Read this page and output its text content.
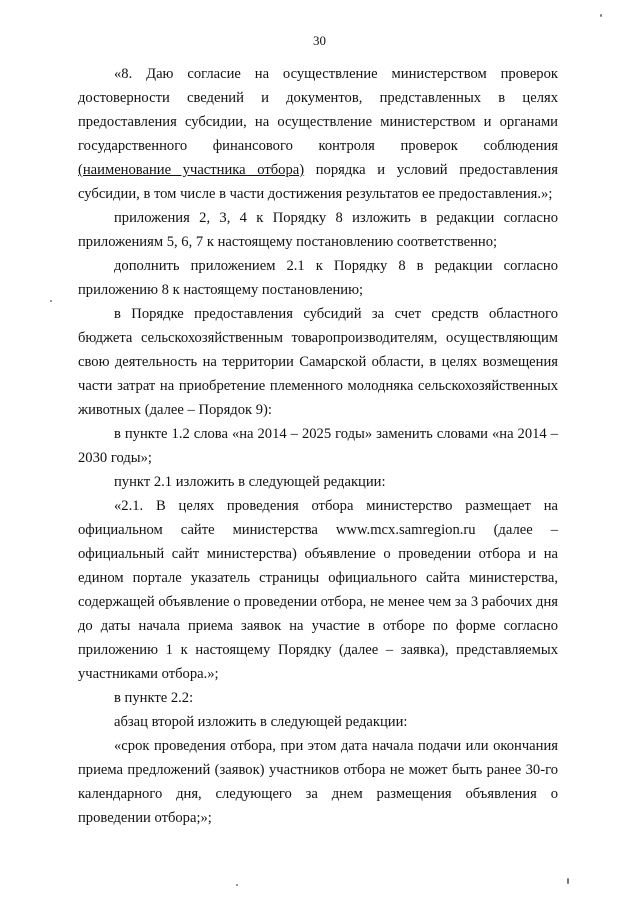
30

«8. Даю согласие на осуществление министерством проверок достоверности сведений и документов, представленных в целях предоставления субсидии, на осуществление министерством и органами государственного финансового контроля проверок соблюдения (наименование участника отбора) порядка и условий предоставления субсидии, в том числе в части достижения результатов ее предоставления.»;

приложения 2, 3, 4 к Порядку 8 изложить в редакции согласно приложениям 5, 6, 7 к настоящему постановлению соответственно;

дополнить приложением 2.1 к Порядку 8 в редакции согласно приложению 8 к настоящему постановлению;

в Порядке предоставления субсидий за счет средств областного бюджета сельскохозяйственным товаропроизводителям, осуществляющим свою деятельность на территории Самарской области, в целях возмещения части затрат на приобретение племенного молодняка сельскохозяйственных животных (далее – Порядок 9):

в пункте 1.2 слова «на 2014 – 2025 годы» заменить словами «на 2014 – 2030 годы»;

пункт 2.1 изложить в следующей редакции:

«2.1. В целях проведения отбора министерство размещает на официальном сайте министерства www.mcx.samregion.ru (далее – официальный сайт министерства) объявление о проведении отбора и на едином портале указатель страницы официального сайта министерства, содержащей объявление о проведении отбора, не менее чем за 3 рабочих дня до даты начала приема заявок на участие в отборе по форме согласно приложению 1 к настоящему Порядку (далее – заявка), представляемых участниками отбора.»;

в пункте 2.2:

абзац второй изложить в следующей редакции:

«срок проведения отбора, при этом дата начала подачи или окончания приема предложений (заявок) участников отбора не может быть ранее 30-го календарного дня, следующего за днем размещения объявления о проведении отбора;»;
